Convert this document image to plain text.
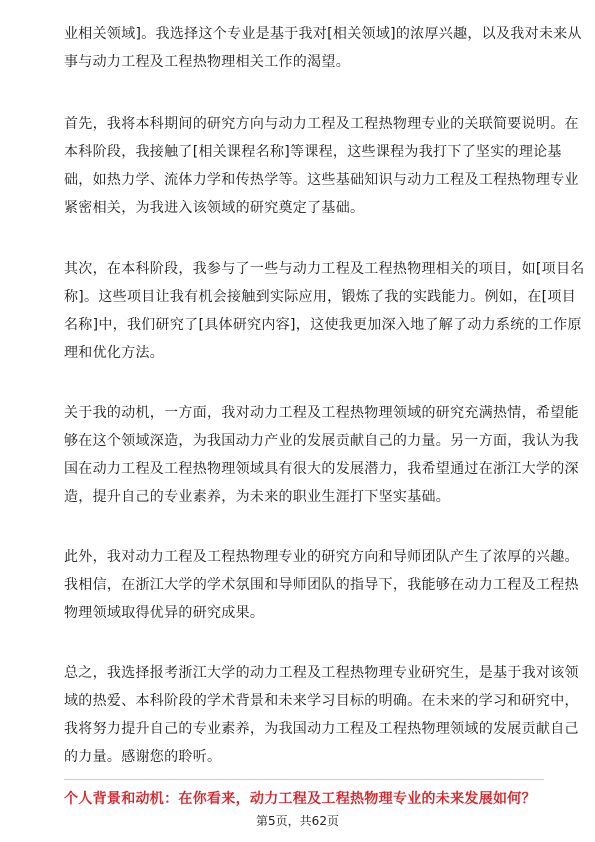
业相关领域]。我选择这个专业是基于我对[相关领域]的浓厚兴趣，以及我对未来从
事与动力工程及工程热物理相关工作的渴望。

首先，我将本科期间的研究方向与动力工程及工程热物理专业的关联简要说明。在
本科阶段，我接触了[相关课程名称]等课程，这些课程为我打下了坚实的理论基
础，如热力学、流体力学和传热学等。这些基础知识与动力工程及工程热物理专业
紧密相关，为我进入该领域的研究奠定了基础。

其次，在本科阶段，我参与了一些与动力工程及工程热物理相关的项目，如[项目名
称]。这些项目让我有机会接触到实际应用，锻炼了我的实践能力。例如，在[项目
名称]中，我们研究了[具体研究内容]，这使我更加深入地了解了动力系统的工作原
理和优化方法。

关于我的动机，一方面，我对动力工程及工程热物理领域的研究充满热情，希望能
够在这个领域深造，为我国动力产业的发展贡献自己的力量。另一方面，我认为我
国在动力工程及工程热物理领域具有很大的发展潜力，我希望通过在浙江大学的深
造，提升自己的专业素养，为未来的职业生涯打下坚实基础。

此外，我对动力工程及工程热物理专业的研究方向和导师团队产生了浓厚的兴趣。
我相信，在浙江大学的学术氛围和导师团队的指导下，我能够在动力工程及工程热
物理领域取得优异的研究成果。

总之，我选择报考浙江大学的动力工程及工程热物理专业研究生，是基于我对该领
域的热爱、本科阶段的学术背景和未来学习目标的明确。在未来的学习和研究中，
我将努力提升自己的专业素养，为我国动力工程及工程热物理领域的发展贡献自己
的力量。感谢您的聆听。

个人背景和动机：在你看来，动力工程及工程热物理专业的未来发展如何？

第5页，共62页
